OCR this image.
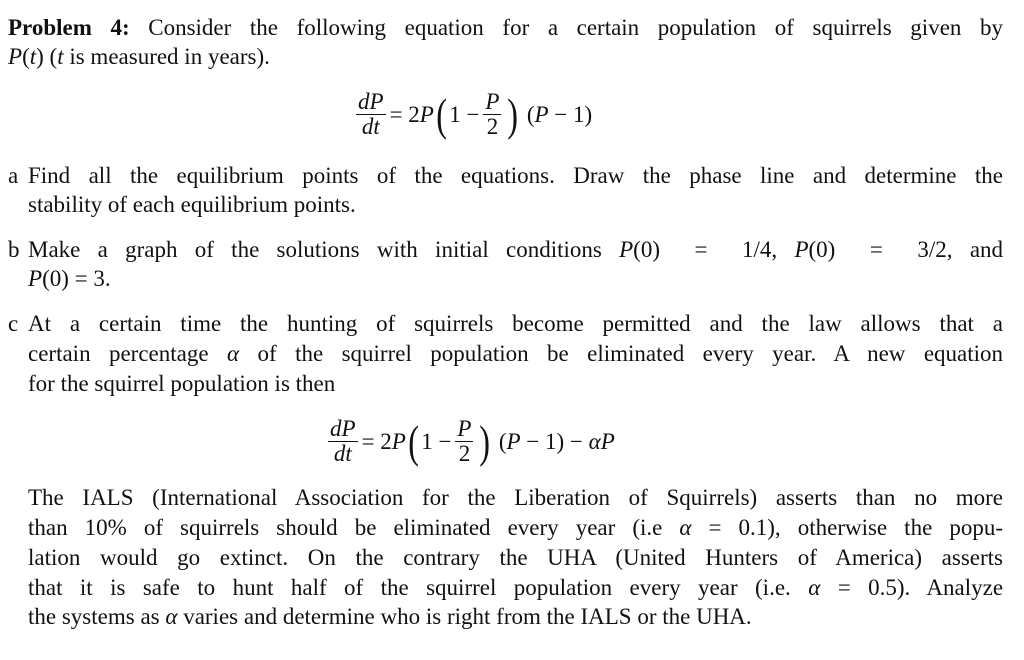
Problem 4: Consider the following equation for a certain population of squirrels given by
P(t) (t is measured in years).
$\frac{dP}{dt} = 2$ P ( $1 - \frac{P}{2}$ ) ( P − 1)
a Find all the equilibrium points of the equations. Draw the phase line and determine the
stability of each equilibrium points.
b Make a graph of the solutions with initial conditions P(0)  =  1/4, P(0)  =  3/2, and
P(0) = 3.
c At a certain time the hunting of squirrels become permitted and the law allows that a
certain percentage α of the squirrel population be eliminated every year. A new equation
for the squirrel population is then
$\frac{dP}{dt} = 2$ P ( $1 - \frac{P}{2}$ ) ( P − 1) − αP
The IALS (International Association for the Liberation of Squirrels) asserts than no more
than 10% of squirrels should be eliminated every year (i.e α = 0.1), otherwise the popu-
lation would go extinct. On the contrary the UHA (United Hunters of America) asserts
that it is safe to hunt half of the squirrel population every year (i.e. α = 0.5). Analyze
the systems as α varies and determine who is right from the IALS or the UHA.
